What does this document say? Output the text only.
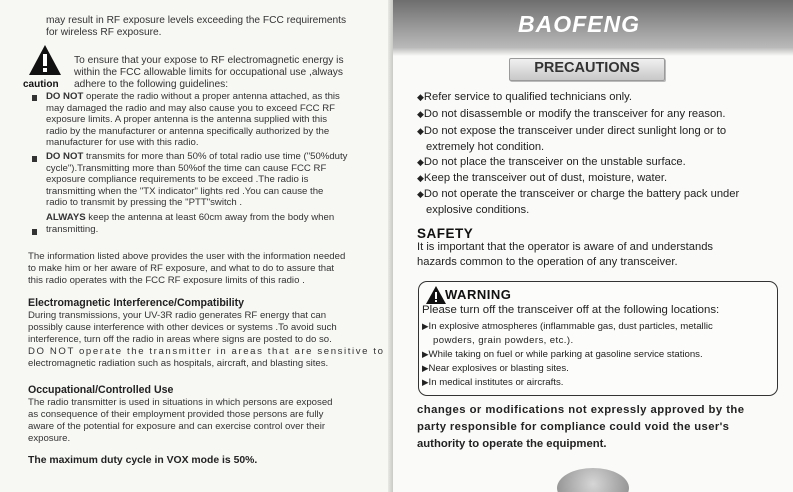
may result in RF exposure levels exceeding the FCC requirements

for wireless RF exposure.

caution

To ensure that your expose to RF electromagnetic energy is

within the FCC allowable limits for occupational use ,always

adhere to the following guidelines:

DO NOT operate the radio without a proper antenna attached, as this

may damaged the radio and may also cause you to exceed FCC RF

exposure limits. A proper antenna is the antenna supplied with this

radio by the manufacturer or antenna specifically authorized by the

manufacturer for use with this radio.

DO NOT transmits for more than 50% of total radio use time ("50%duty

cycle").Transmitting more than 50%of the time can cause FCC RF

exposure compliance requirements to be exceed .The radio is

transmitting when the "TX indicator" lights red .You can cause the

radio to transmit by pressing the "PTT"switch .

ALWAYS keep the antenna at least 60cm away from the body when

transmitting.

The information listed above provides the user with the information needed

to make him or her aware of RF exposure, and what to do to assure that

this radio operates with the FCC RF exposure limits of this radio .

Electromagnetic Interference/Compatibility

During transmissions, your UV-3R radio generates RF energy that can

possibly cause interference with other devices or systems .To avoid such

interference, turn off the radio in areas where signs are posted to do so.

DO NOT operate the transmitter in areas that are sensitive to

electromagnetic radiation such as hospitals, aircraft, and blasting sites.

Occupational/Controlled Use

The radio transmitter is used in situations in which persons are exposed

as consequence of their employment provided those persons are fully

aware of the potential for exposure and can exercise control over their

exposure.

The maximum duty cycle in VOX mode is 50%.

BAOFENG

PRECAUTIONS

◆Refer service to qualified technicians only.

◆Do not disassemble or modify the transceiver for any reason.

◆Do not expose the transceiver under direct sunlight long or to

extremely hot condition.

◆Do not place the transceiver on the unstable surface.

◆Keep the transceiver out of dust, moisture, water.

◆Do not operate the transceiver or charge the battery pack under

explosive conditions.

SAFETY

It is important that the operator is aware of and understands

hazards common to the operation of any transceiver.

WARNING

Please turn off the transceiver off at the following locations:

▶In explosive atmospheres (inflammable gas, dust particles, metallic

powders, grain powders, etc.).

▶While taking on fuel or while parking at gasoline service stations.

▶Near explosives or blasting sites.

▶In medical institutes or aircrafts.

changes or modifications not expressly approved by the

party responsible for compliance could void the user's

authority to operate the equipment.
